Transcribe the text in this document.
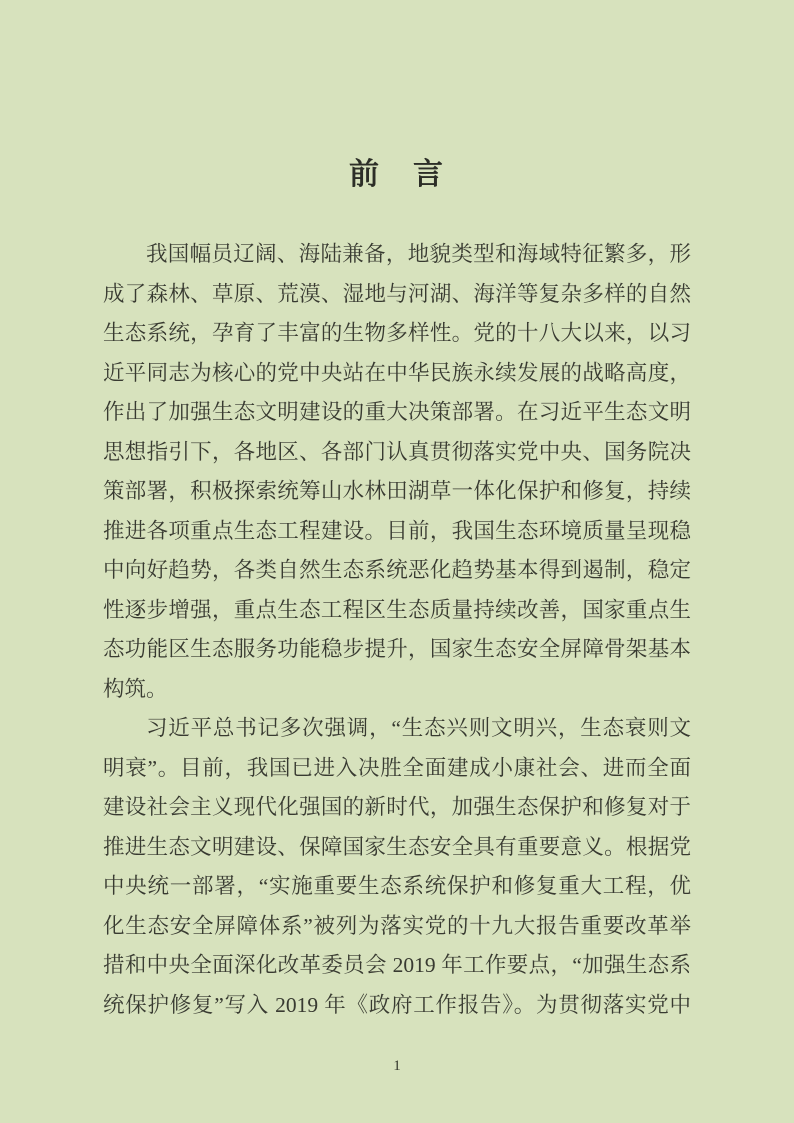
前　言
我国幅员辽阔、海陆兼备，地貌类型和海域特征繁多，形
成了森林、草原、荒漠、湿地与河湖、海洋等复杂多样的自然
生态系统，孕育了丰富的生物多样性。党的十八大以来，以习
近平同志为核心的党中央站在中华民族永续发展的战略高度，
作出了加强生态文明建设的重大决策部署。在习近平生态文明
思想指引下，各地区、各部门认真贯彻落实党中央、国务院决
策部署，积极探索统筹山水林田湖草一体化保护和修复，持续
推进各项重点生态工程建设。目前，我国生态环境质量呈现稳
中向好趋势，各类自然生态系统恶化趋势基本得到遏制，稳定
性逐步增强，重点生态工程区生态质量持续改善，国家重点生
态功能区生态服务功能稳步提升，国家生态安全屏障骨架基本
构筑。
习近平总书记多次强调，“生态兴则文明兴，生态衰则文
明衰”。目前，我国已进入决胜全面建成小康社会、进而全面
建设社会主义现代化强国的新时代，加强生态保护和修复对于
推进生态文明建设、保障国家生态安全具有重要意义。根据党
中央统一部署，“实施重要生态系统保护和修复重大工程，优
化生态安全屏障体系”被列为落实党的十九大报告重要改革举
措和中央全面深化改革委员会 2019 年工作要点，“加强生态系
统保护修复”写入 2019 年《政府工作报告》。为贯彻落实党中
1
